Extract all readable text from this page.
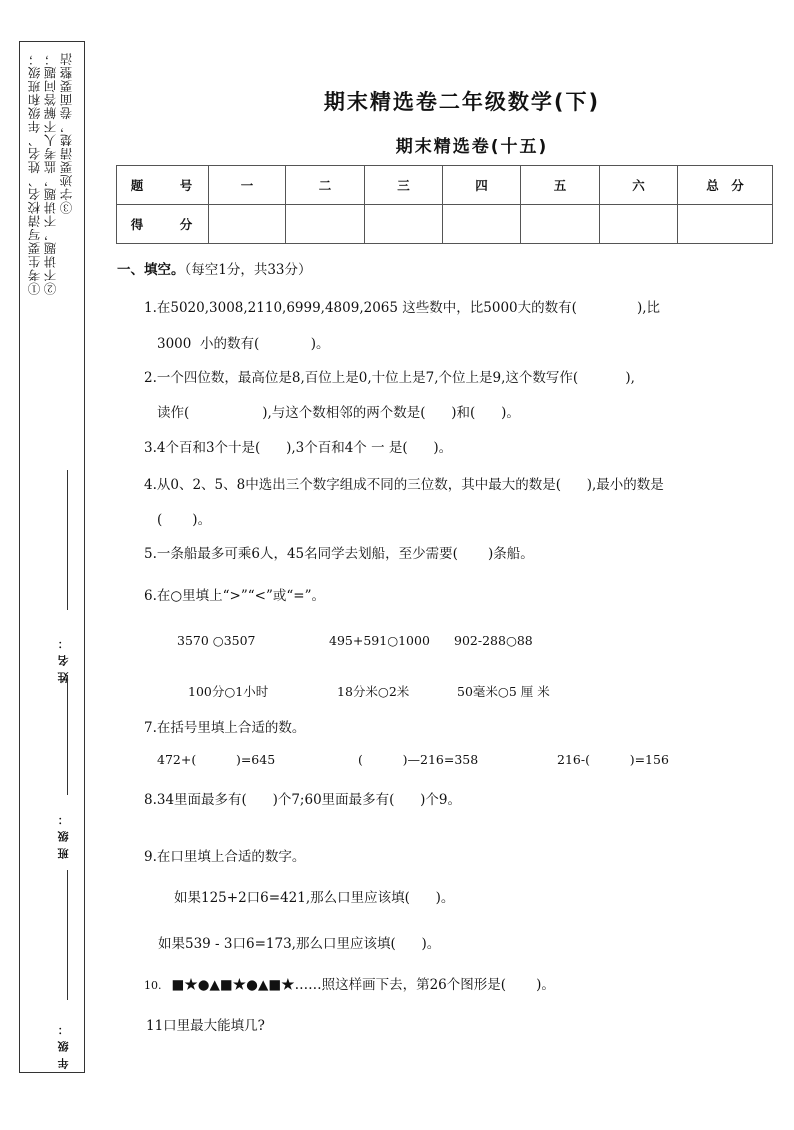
①考生要写清校名、姓名、年级和班级； ②不讲题，不讲题，监考人不解答问题； ③字迹要清楚，卷面要整洁
姓名：
班级：
年级：
期末精选卷二年级数学(下)
期末精选卷(十五)
题　号	一	二	三	四	五	六	总　分
得　分							
一、填空。（每空1分，共33分）
1.在5020,3008,2110,6999,4809,2065 这些数中，比5000大的数有(              ),比
3000  小的数有(            )。
2.一个四位数，最高位是8,百位上是0,十位上是7,个位上是9,这个数写作(           ),
读作(                 ),与这个数相邻的两个数是(      )和(      )。
3.4个百和3个十是(      ),3个百和4个 一 是(      )。
4.从0、2、5、8中选出三个数字组成不同的三位数，其中最大的数是(      ),最小的数是
(       )。
5.一条船最多可乘6人，45名同学去划船，至少需要(       )条船。
6.在○里填上“>”“<”或“=”。
3570 ○3507	495+591○1000 902-288○88
100分○1小时	18分米○2米	50毫米○5 厘 米
7.在括号里填上合适的数。
472+(          )=645	(          )—216=358	216-(          )=156
8.34里面最多有(      )个7;60里面最多有(      )个9。
9.在口里填上合适的数字。
如果125+2口6=421,那么口里应该填(      )。
如果539 - 3口6=173,那么口里应该填(      )。
10. ■★●▲■★●▲■★……照这样画下去，第26个图形是(       )。
11口里最大能填几?
